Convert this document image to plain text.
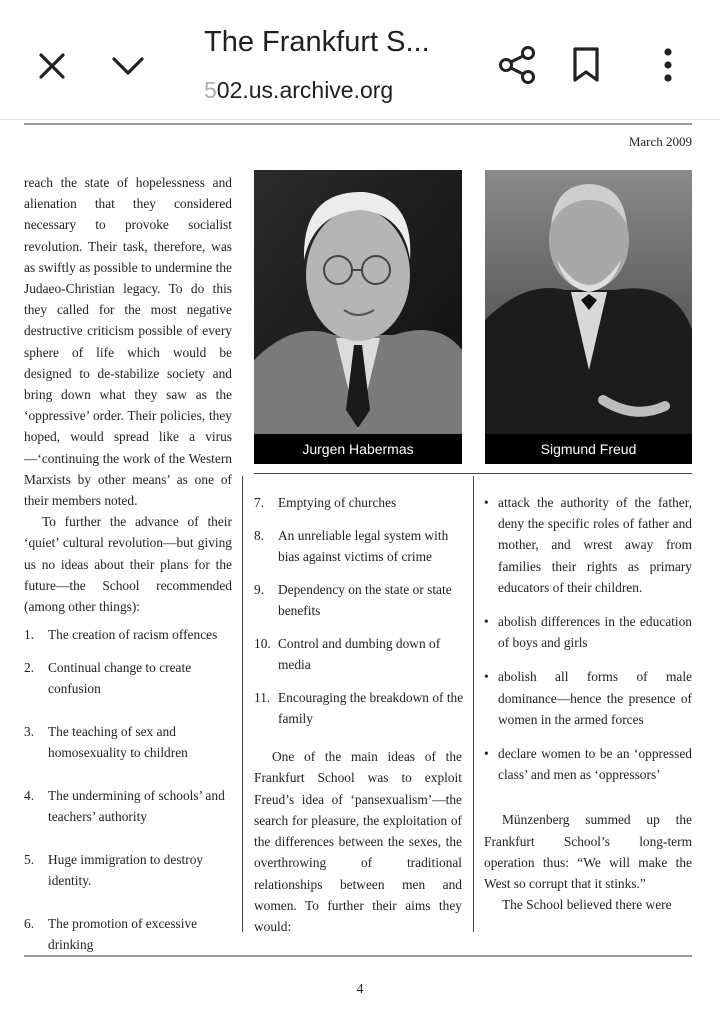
The Frankfurt S...
502.us.archive.org
March 2009

reach the state of hopelessness and alienation that they considered necessary to provoke socialist revolution. Their task, therefore, was as swiftly as possible to undermine the Judaeo-Christian legacy. To do this they called for the most negative destructive criticism possible of every sphere of life which would be designed to de-stabilize society and bring down what they saw as the ‘oppressive’ order. Their policies, they hoped, would spread like a virus—‘continuing the work of the Western Marxists by other means’ as one of their members noted.

To further the advance of their ‘quiet’ cultural revolution—but giving us no ideas about their plans for the future—the School recommended (among other things):

1. The creation of racism offences
2. Continual change to create confusion
3. The teaching of sex and homosexuality to children
4. The undermining of schools’ and teachers’ authority
5. Huge immigration to destroy identity.
6. The promotion of excessive drinking
Jurgen Habermas	Sigmund Freud
7. Emptying of churches
8. An unreliable legal system with bias against victims of crime
9. Dependency on the state or state benefits
10. Control and dumbing down of media
11. Encouraging the breakdown of the family

One of the main ideas of the Frankfurt School was to exploit Freud’s idea of ‘pansexualism’—the search for pleasure, the exploitation of the differences between the sexes, the overthrowing of traditional relationships between men and women. To further their aims they would:

• attack the authority of the father, deny the specific roles of father and mother, and wrest away from families their rights as primary educators of their children.
• abolish differences in the education of boys and girls
• abolish all forms of male dominance—hence the presence of women in the armed forces
• declare women to be an ‘oppressed class’ and men as ‘oppressors’

Münzenberg summed up the Frankfurt School’s long-term operation thus: “We will make the West so corrupt that it stinks.”

The School believed there were

4
